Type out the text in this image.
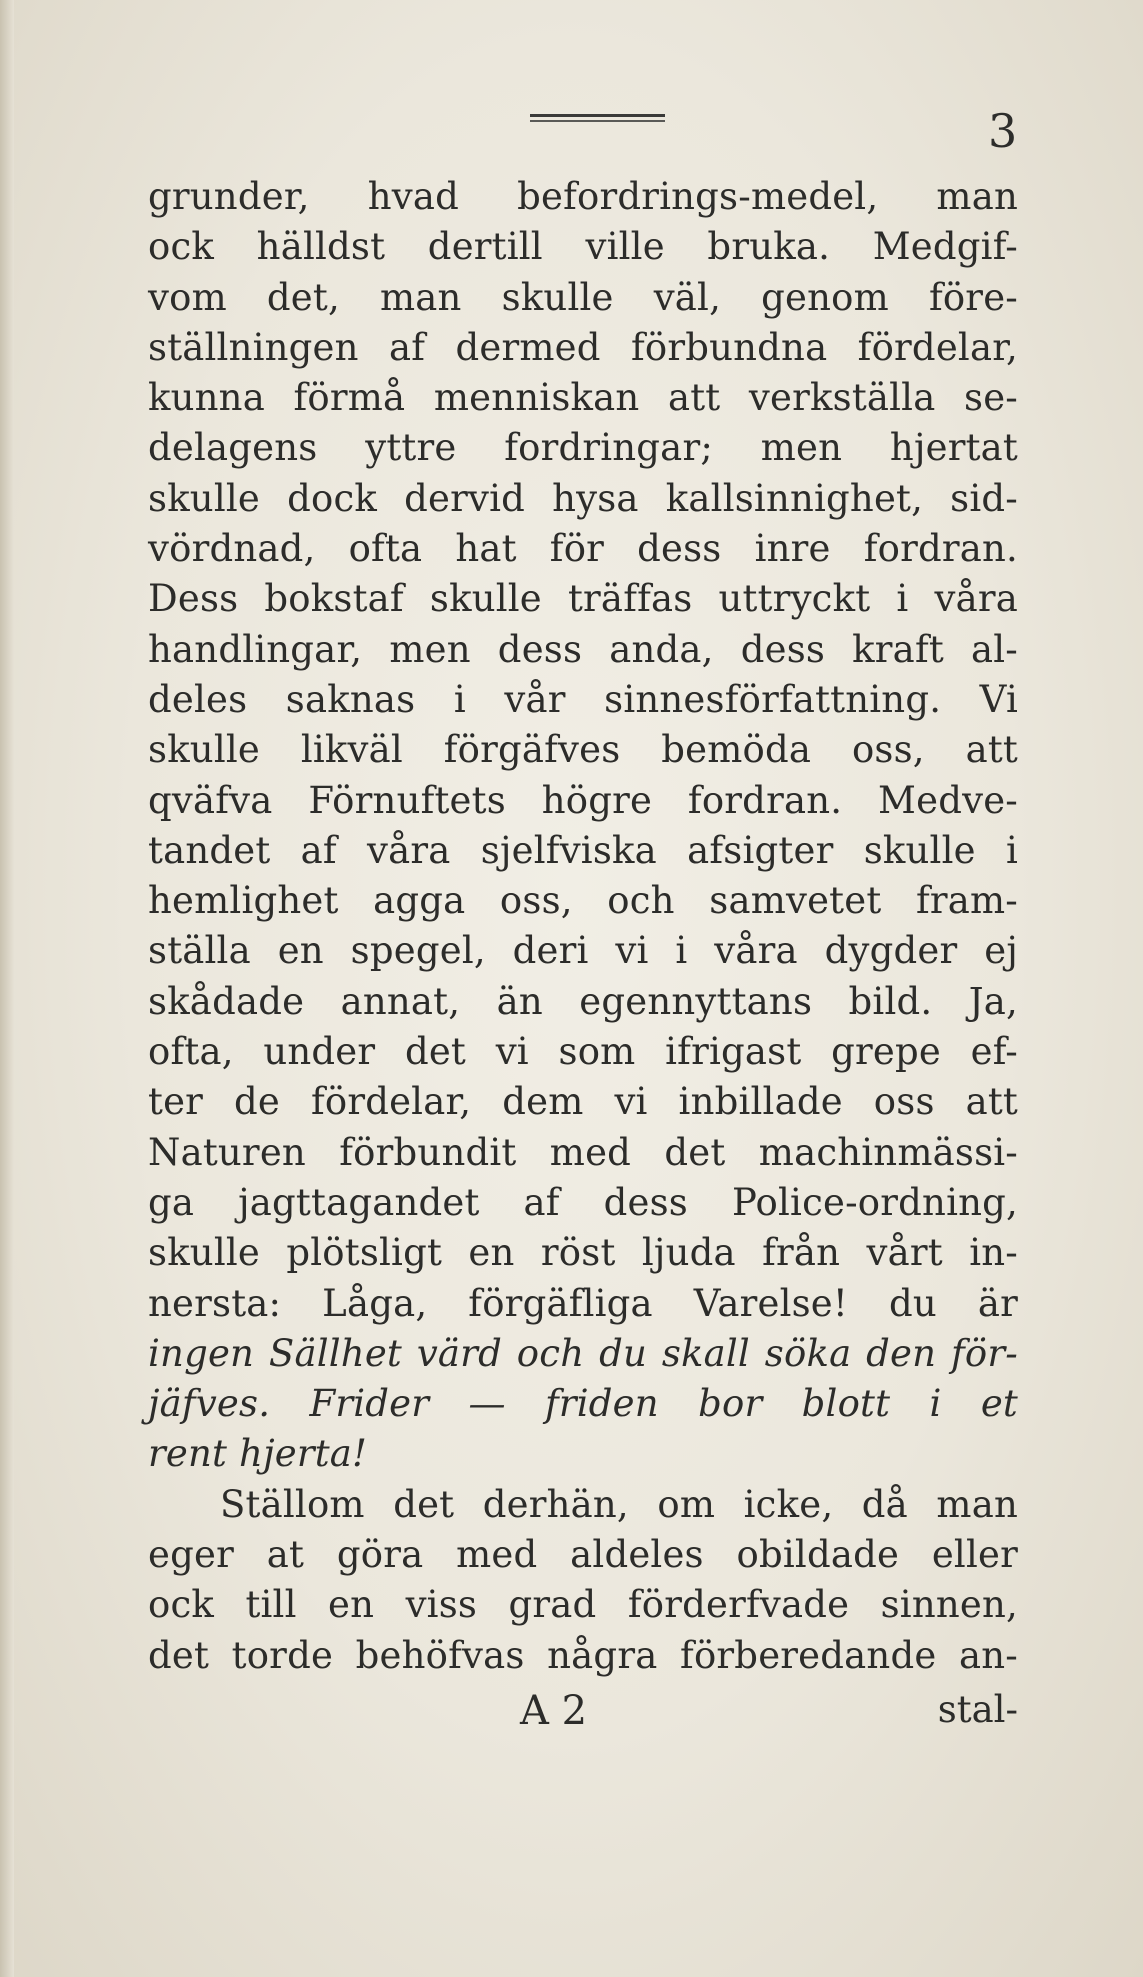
3
grunder, hvad befordrings-medel, man
ock hälldst dertill ville bruka. Medgif-
vom det, man skulle väl, genom före-
ställningen af dermed förbundna fördelar,
kunna förmå menniskan att verkställa se-
delagens yttre fordringar; men hjertat
skulle dock dervid hysa kallsinnighet, sid-
vördnad, ofta hat för dess inre fordran.
Dess bokstaf skulle träffas uttryckt i våra
handlingar, men dess anda, dess kraft al-
deles saknas i vår sinnesförfattning. Vi
skulle likväl förgäfves bemöda oss, att
qväfva Förnuftets högre fordran. Medve-
tandet af våra sjelfviska afsigter skulle i
hemlighet agga oss, och samvetet fram-
ställa en spegel, deri vi i våra dygder ej
skådade annat, än egennyttans bild. Ja,
ofta, under det vi som ifrigast grepe ef-
ter de fördelar, dem vi inbillade oss att
Naturen förbundit med det machinmässi-
ga jagttagandet af dess Police-ordning,
skulle plötsligt en röst ljuda från vårt in-
nersta: Låga, förgäfliga Varelse! du är
ingen Sällhet värd och du skall söka den för-
jäfves. Frider — friden bor blott i et
rent hjerta!
Ställom det derhän, om icke, då man
eger at göra med aldeles obildade eller
ock till en viss grad förderfvade sinnen,
det torde behöfvas några förberedande an-
A 2	stal-
